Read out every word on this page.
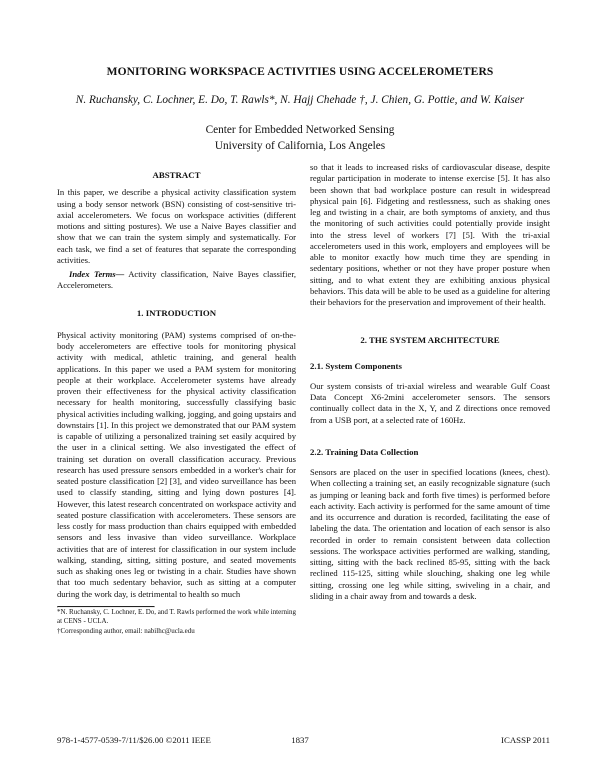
MONITORING WORKSPACE ACTIVITIES USING ACCELEROMETERS
N. Ruchansky, C. Lochner, E. Do, T. Rawls*, N. Hajj Chehade †, J. Chien, G. Pottie, and W. Kaiser
Center for Embedded Networked Sensing
University of California, Los Angeles
ABSTRACT

In this paper, we describe a physical activity classification system using a body sensor network (BSN) consisting of cost-sensitive tri-axial accelerometers. We focus on workspace activities (different motions and sitting postures). We use a Naive Bayes classifier and show that we can train the system simply and systematically. For each task, we find a set of features that separate the corresponding activities.

Index Terms— Activity classification, Naive Bayes classifier, Accelerometers.

1. INTRODUCTION

Physical activity monitoring (PAM) systems comprised of on-the-body accelerometers are effective tools for monitoring physical activity with medical, athletic training, and general health applications. In this paper we used a PAM system for monitoring people at their workplace. Accelerometer systems have already proven their effectiveness for the physical activity classification necessary for health monitoring, successfully classifying basic physical activities including walking, jogging, and going upstairs and downstairs [1]. In this project we demonstrated that our PAM system is capable of utilizing a personalized training set easily acquired by the user in a clinical setting. We also investigated the effect of training set duration on overall classification accuracy. Previous research has used pressure sensors embedded in a worker's chair for seated posture classification [2] [3], and video surveillance has been used to classify standing, sitting and lying down postures [4]. However, this latest research concentrated on workspace activity and seated posture classification with accelerometers. These sensors are less costly for mass production than chairs equipped with embedded sensors and less invasive than video surveillance. Workplace activities that are of interest for classification in our system include walking, standing, sitting, sitting posture, and seated movements such as shaking ones leg or twisting in a chair. Studies have shown that too much sedentary behavior, such as sitting at a computer during the work day, is detrimental to health so much

*N. Ruchansky, C. Lochner, E. Do, and T. Rawls performed the work while interning at CENS - UCLA.

†Corresponding author, email: nabilhc@ucla.edu

so that it leads to increased risks of cardiovascular disease, despite regular participation in moderate to intense exercise [5]. It has also been shown that bad workplace posture can result in widespread physical pain [6]. Fidgeting and restlessness, such as shaking ones leg and twisting in a chair, are both symptoms of anxiety, and thus the monitoring of such activities could potentially provide insight into the stress level of workers [7] [5]. With the tri-axial accelerometers used in this work, employers and employees will be able to monitor exactly how much time they are spending in sedentary positions, whether or not they have proper posture when sitting, and to what extent they are exhibiting anxious physical behaviors. This data will be able to be used as a guideline for altering their behaviors for the preservation and improvement of their health.

2. THE SYSTEM ARCHITECTURE
2.1. System Components

Our system consists of tri-axial wireless and wearable Gulf Coast Data Concept X6-2mini accelerometer sensors. The sensors continually collect data in the X, Y, and Z directions once removed from a USB port, at a selected rate of 160Hz.

2.2. Training Data Collection

Sensors are placed on the user in specified locations (knees, chest). When collecting a training set, an easily recognizable signature (such as jumping or leaning back and forth five times) is performed before each activity. Each activity is performed for the same amount of time and its occurrence and duration is recorded, facilitating the ease of labeling the data. The orientation and location of each sensor is also recorded in order to remain consistent between data collection sessions. The workspace activities performed are walking, standing, sitting, sitting with the back reclined 85-95, sitting with the back reclined 115-125, sitting while slouching, shaking one leg while sitting, crossing one leg while sitting, swiveling in a chair, and sliding in a chair away from and towards a desk.

978-1-4577-0539-7/11/$26.00 ©2011 IEEE	1837	ICASSP 2011
